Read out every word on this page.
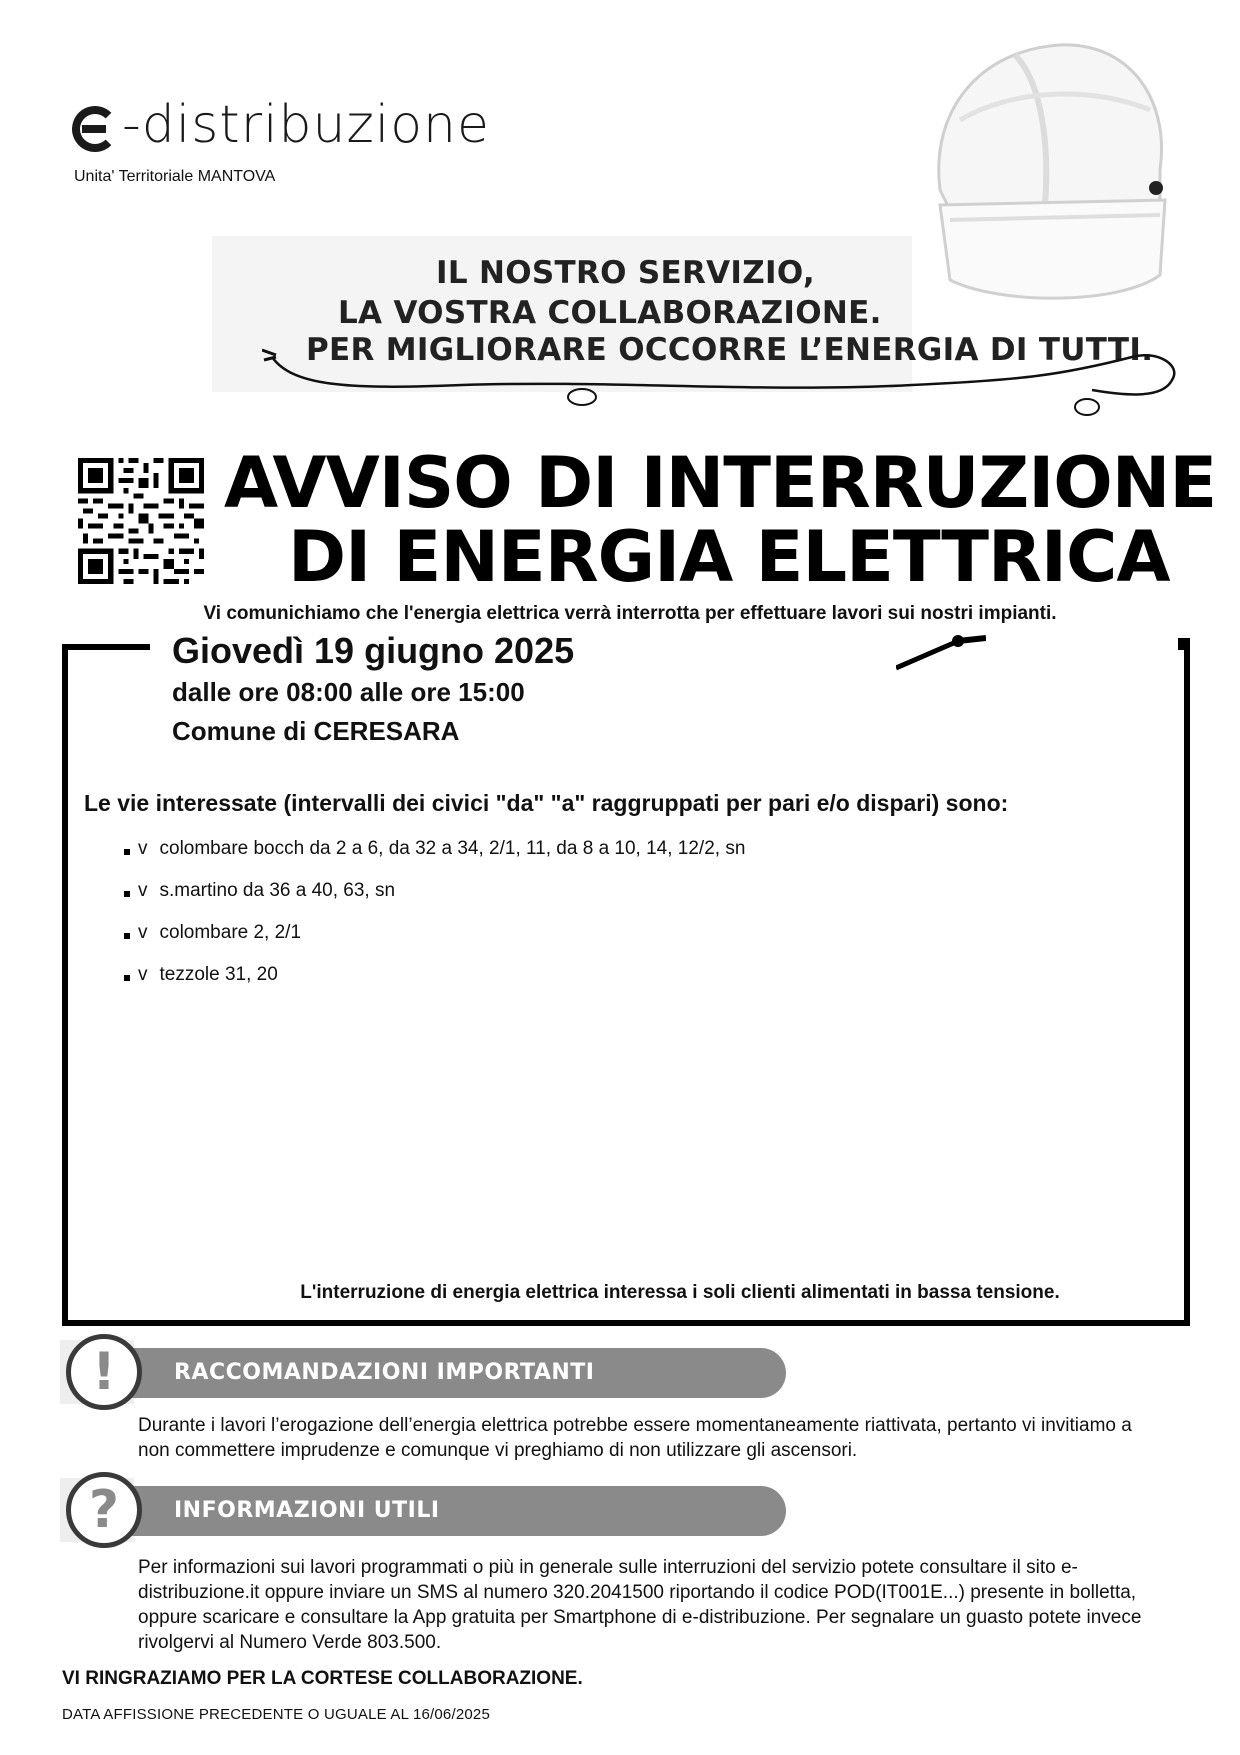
-distribuzione
Unita' Territoriale MANTOVA
IL NOSTRO SERVIZIO,
LA VOSTRA COLLABORAZIONE.
PER MIGLIORARE OCCORRE L’ENERGIA DI TUTTI.
AVVISO DI INTERRUZIONE
DI ENERGIA ELETTRICA
Vi comunichiamo che l'energia elettrica verrà interrotta per effettuare lavori sui nostri impianti.
Giovedì 19 giugno 2025
dalle ore 08:00 alle ore 15:00
Comune di CERESARA
Le vie interessate (intervalli dei civici "da" "a" raggruppati per pari e/o dispari) sono:
v colombare bocch da 2 a 6, da 32 a 34, 2/1, 11, da 8 a 10, 14, 12/2, sn
v s.martino da 36 a 40, 63, sn
v colombare 2, 2/1
v tezzole 31, 20
L'interruzione di energia elettrica interessa i soli clienti alimentati in bassa tensione.
!	RACCOMANDAZIONI IMPORTANTI
Durante i lavori l’erogazione dell’energia elettrica potrebbe essere momentaneamente riattivata, pertanto vi invitiamo a non commettere imprudenze e comunque vi preghiamo di non utilizzare gli ascensori.
?	INFORMAZIONI UTILI
Per informazioni sui lavori programmati o più in generale sulle interruzioni del servizio potete consultare il sito e-distribuzione.it oppure inviare un SMS al numero 320.2041500 riportando il codice POD(IT001E...) presente in bolletta, oppure scaricare e consultare la App gratuita per Smartphone di e-distribuzione. Per segnalare un guasto potete invece rivolgervi al Numero Verde 803.500.
VI RINGRAZIAMO PER LA CORTESE COLLABORAZIONE.
DATA AFFISSIONE PRECEDENTE O UGUALE AL 16/06/2025
